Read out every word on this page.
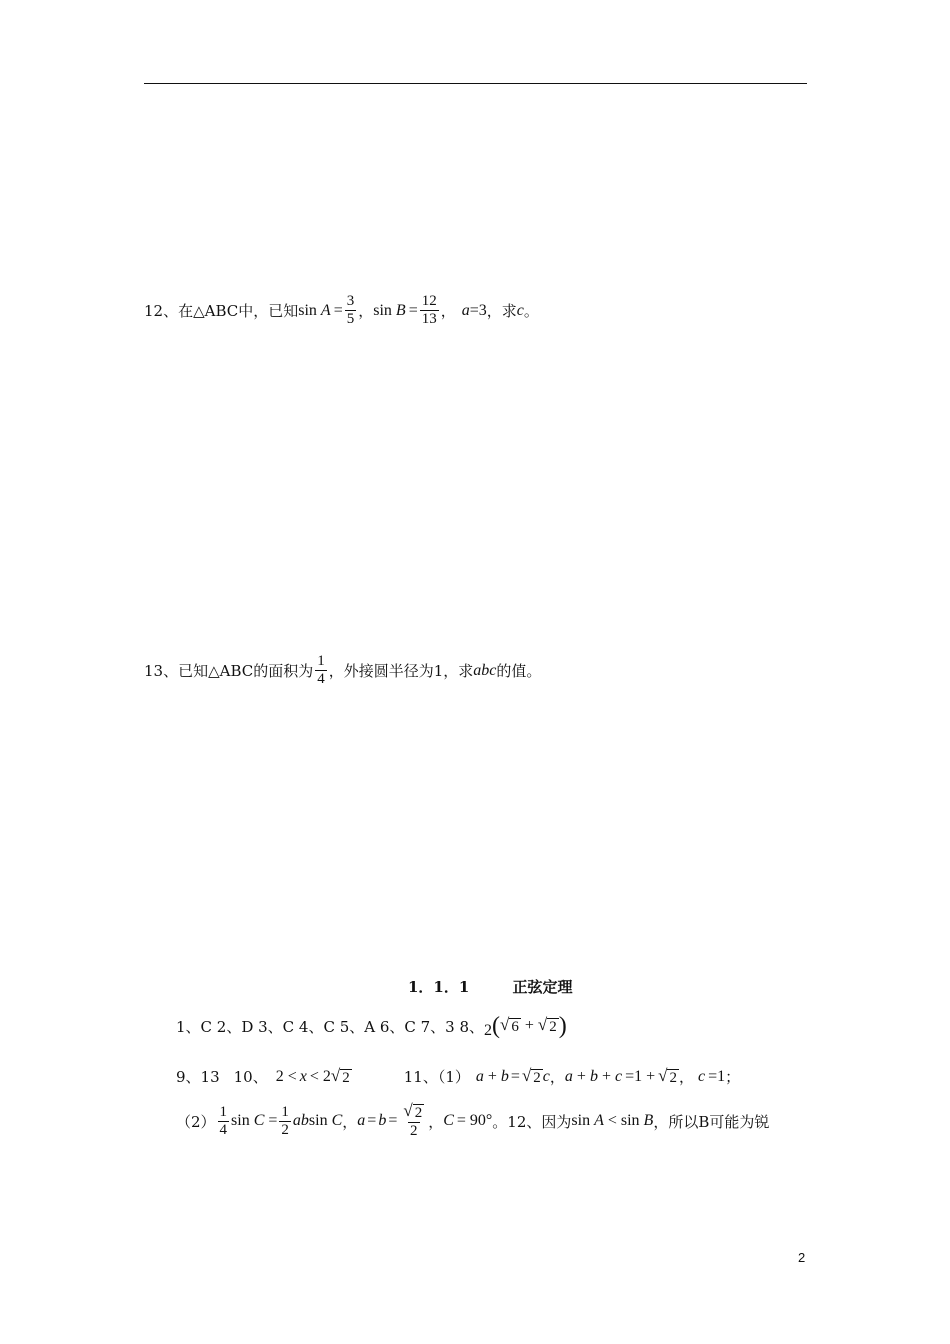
12、在△ABC中，已知 $\sin A = \frac{3}{5}$ ， $\sin B = \frac{12}{13}$ ， a =3 ，求 c 。
13、已知△ABC的面积为 $\frac{1}{4}$ ，外接圆半径为1，求 abc 的值。
1．1．1	正弦定理
1、C 2、D 3、C 4、C 5、A 6、C 7、3 8、 2 ( √ 6 + √ 2 )
9、13 10、 2 < x < 2 √ 2	11、（1） a + b = √ 2 c ， a + b + c =1 + √ 2 ， c =1 ；
$(2) \frac{1}{4}$ $\sin C = \frac{1}{2}$ ab sin C ， $a = b = \frac{√ 2}{2}$ ， C = 90° 。12、因为 sin A < sin B ，所以B可能为锐
2
